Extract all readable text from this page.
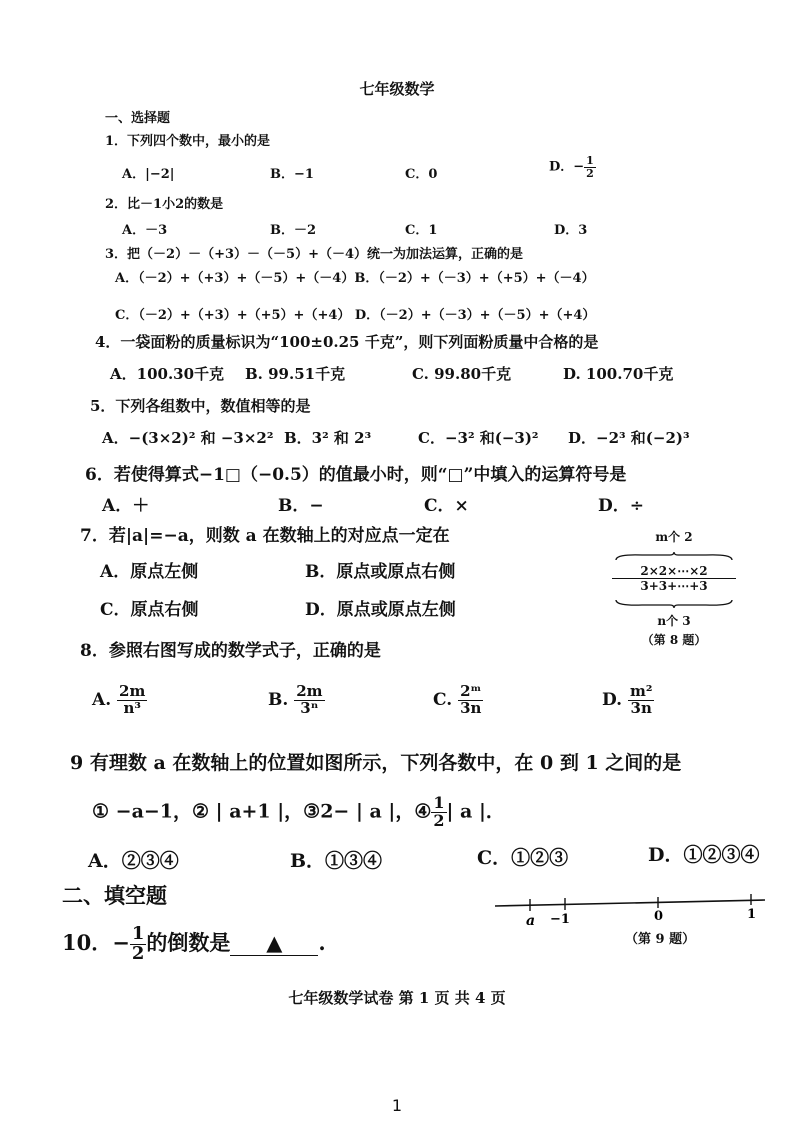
七年级数学
一、选择题
1．下列四个数中，最小的是
A．|−2|	B．−1	C．0	D．− $\frac{1}{2}$
2．比－1小2的数是
A．－3	B．－2	C．1	D．3
3．把（－2）－（+3）－（－5）+（－4）统一为加法运算，正确的是
A．（－2）+（+3）+（－5）+（－4）B．（－2）+（－3）+（+5）+（－4）
C．（－2）+（+3）+（+5）+（+4） D．（－2）+（－3）+（－5）+（+4）
4．一袋面粉的质量标识为“100±0.25 千克”，则下列面粉质量中合格的是
A．100.30千克 B. 99.51千克	C. 99.80千克	D. 100.70千克
5．下列各组数中，数值相等的是
A．−(3×2)² 和 −3×2² B．3² 和 2³	C．−3² 和(−3)² D．−2³ 和(−2)³
6．若使得算式−1□（−0.5）的值最小时，则“□”中填入的运算符号是
A．＋	B．−	C．×	D．÷
7．若|a|=−a，则数 a 在数轴上的对应点一定在
A．原点左侧	B．原点或原点右侧
C．原点右侧	D．原点或原点左侧
m个 2
2×2×⋯×2
3+3+⋯+3
n个 3
（第 8 题）
8．参照右图写成的数学式子，正确的是
A. $\frac{2m}{\text{n³}}$	B. $\frac{2m}{\text{3ⁿ}}$	C. $\frac{\text{2ᵐ}}{3n}$	D. $\frac{\text{m²}}{3n}$
9 有理数 a 在数轴上的位置如图所示，下列各数中，在 0 到 1 之间的是
① −a−1，② | a+1 |，③2− | a |，④ $\frac{1}{2}$ | a |．
A．②③④	B．①③④	C．①②③	D．①②③④
二、填空题
a −1	0	1
（第 9 题）
10．− $\frac{1}{2}$ 的倒数是 ▲ .
七年级数学试卷 第 1 页 共 4 页
1
